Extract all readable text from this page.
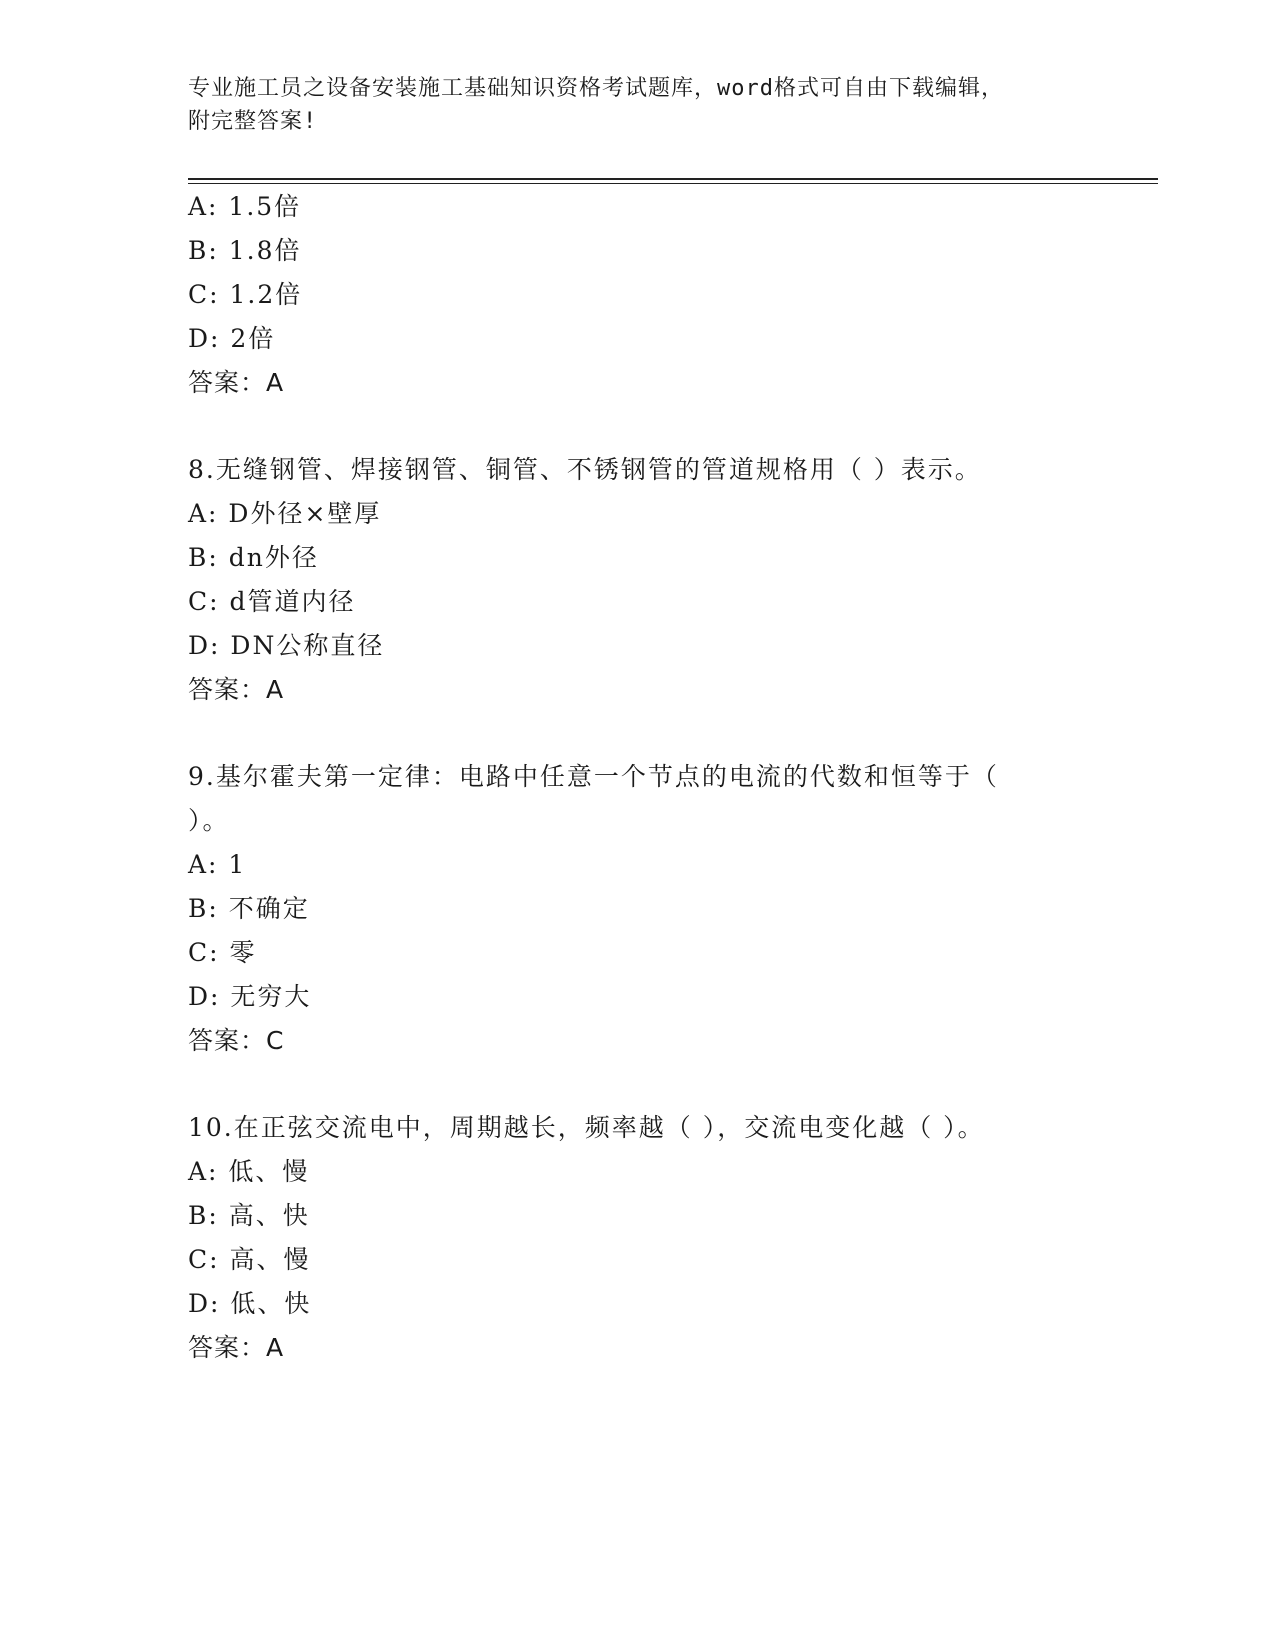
专业施工员之设备安装施工基础知识资格考试题库，word格式可自由下载编辑，
附完整答案!
A: 1.5倍
B: 1.8倍
C: 1.2倍
D: 2倍
答案：A
8.无缝钢管、焊接钢管、铜管、不锈钢管的管道规格用（ ）表示。
A: D外径×壁厚
B: dn外径
C: d管道内径
D: DN公称直径
答案：A
9.基尔霍夫第一定律：电路中任意一个节点的电流的代数和恒等于（
）。
A: 1
B: 不确定
C: 零
D: 无穷大
答案：C
10.在正弦交流电中，周期越长，频率越（ ），交流电变化越（ ）。
A: 低、慢
B: 高、快
C: 高、慢
D: 低、快
答案：A
